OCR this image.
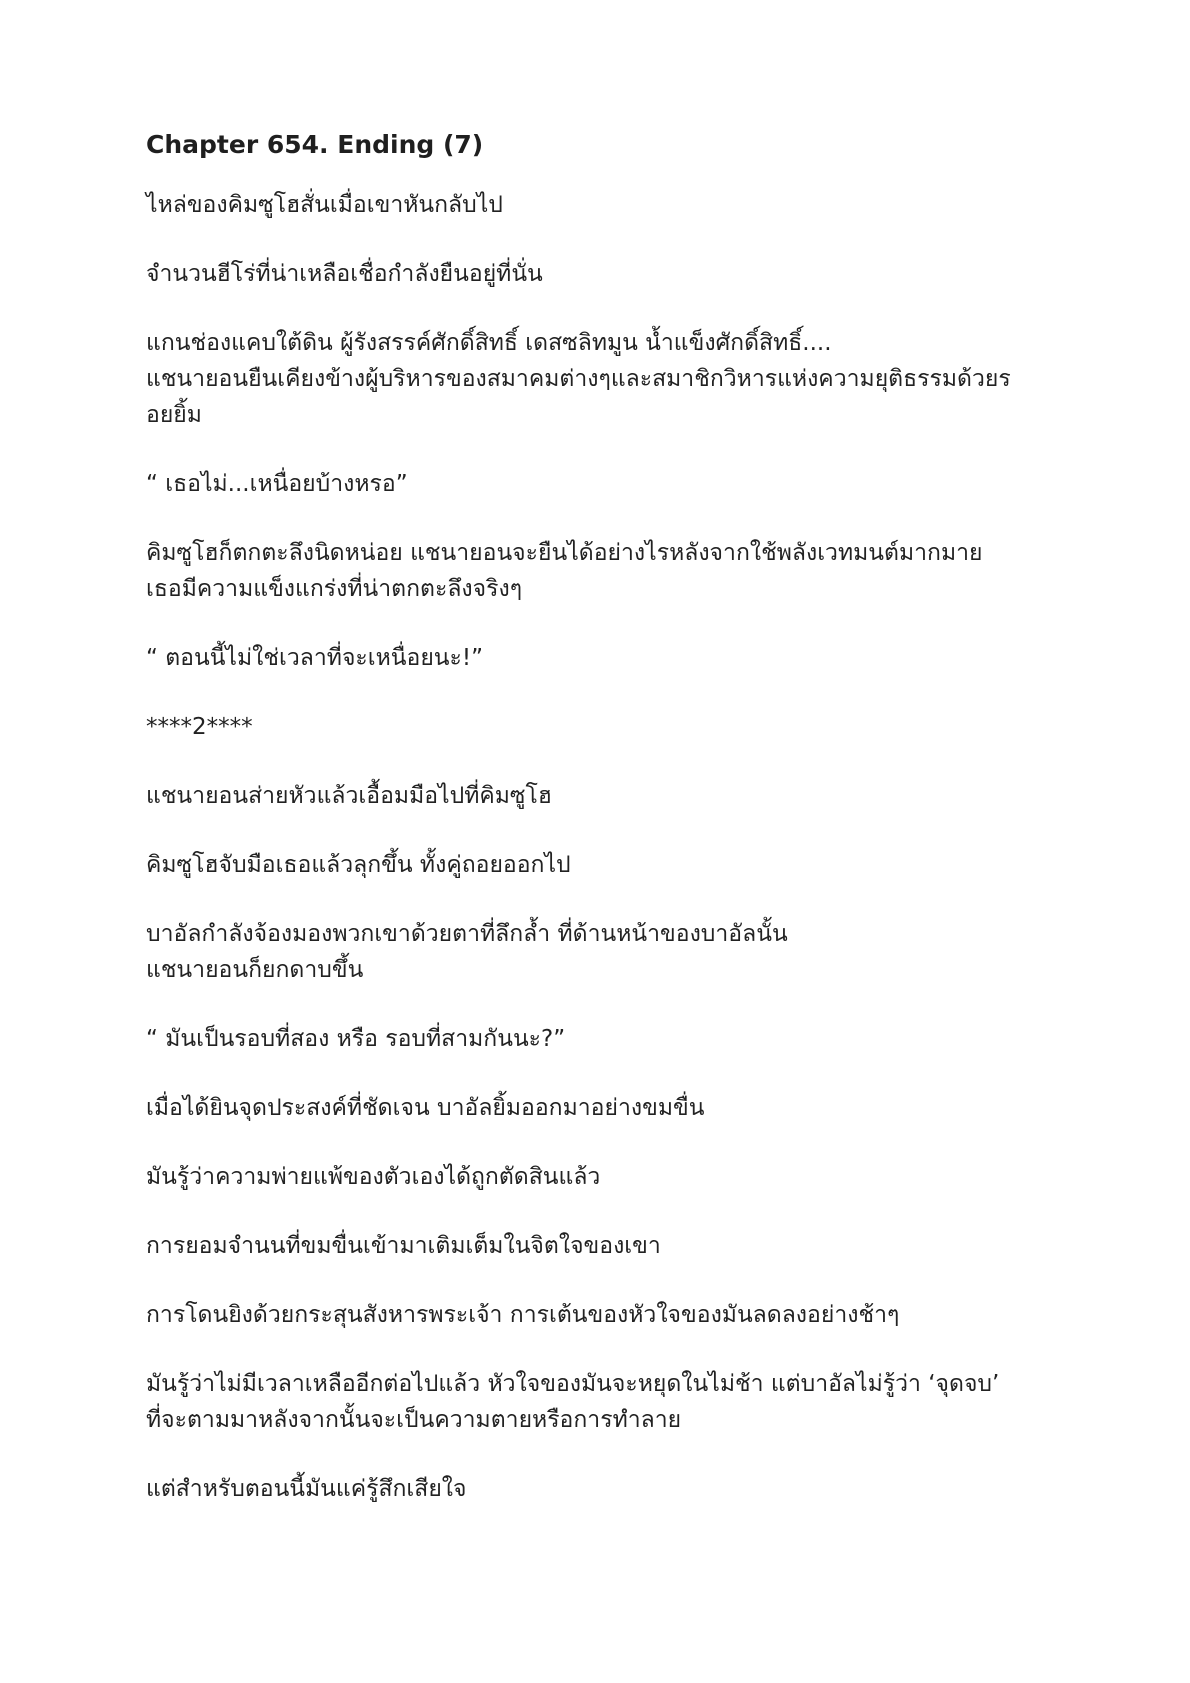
Chapter 654. Ending (7)

ไหล่ของคิมซูโฮสั่นเมื่อเขาหันกลับไป

จำนวนฮีโร่ที่น่าเหลือเชื่อกำลังยืนอยู่ที่นั่น

แกนช่องแคบใต้ดิน ผู้รังสรรค์ศักดิ์สิทธิ์ เดสซลิทมูน น้ำแข็งศักดิ์สิทธิ์....
แชนายอนยืนเคียงข้างผู้บริหารของสมาคมต่างๆและสมาชิกวิหารแห่งความยุติธรรมด้วยร
อยยิ้ม

“ เธอไม่...เหนื่อยบ้างหรอ”

คิมซูโฮก็ตกตะลึงนิดหน่อย แชนายอนจะยืนได้อย่างไรหลังจากใช้พลังเวทมนต์มากมาย
เธอมีความแข็งแกร่งที่น่าตกตะลึงจริงๆ

“ ตอนนี้ไม่ใช่เวลาที่จะเหนื่อยนะ!”

****2****

แชนายอนส่ายหัวแล้วเอื้อมมือไปที่คิมซูโฮ

คิมซูโฮจับมือเธอแล้วลุกขึ้น ทั้งคู่ถอยออกไป

บาอัลกำลังจ้องมองพวกเขาด้วยตาที่ลึกล้ำ ที่ด้านหน้าของบาอัลนั้น
แชนายอนก็ยกดาบขึ้น

“ มันเป็นรอบที่สอง หรือ รอบที่สามกันนะ?”

เมื่อได้ยินจุดประสงค์ที่ชัดเจน บาอัลยิ้มออกมาอย่างขมขื่น

มันรู้ว่าความพ่ายแพ้ของตัวเองได้ถูกตัดสินแล้ว

การยอมจำนนที่ขมขื่นเข้ามาเติมเต็มในจิตใจของเขา

การโดนยิงด้วยกระสุนสังหารพระเจ้า การเต้นของหัวใจของมันลดลงอย่างช้าๆ

มันรู้ว่าไม่มีเวลาเหลืออีกต่อไปแล้ว หัวใจของมันจะหยุดในไม่ช้า แต่บาอัลไม่รู้ว่า ‘จุดจบ’
ที่จะตามมาหลังจากนั้นจะเป็นความตายหรือการทำลาย

แต่สำหรับตอนนี้มันแค่รู้สึกเสียใจ
